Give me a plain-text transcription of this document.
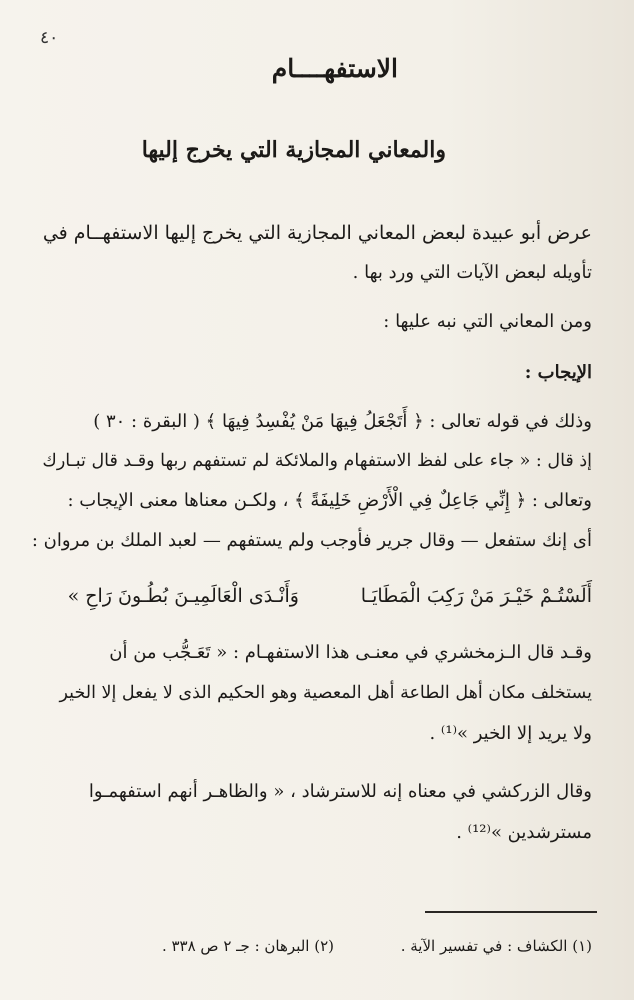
٤٠
الاستفهــــام
والمعاني المجازية التي يخرج إليها
عرض أبو عبيدة لبعض المعاني المجازية التي يخرج إليها الاستفهــام في
تأويله لبعض الآيات التي ورد بها .
ومن المعاني التي نبه عليها :
الإيجاب :
وذلك في قوله تعالى : ﴿ أَتَجْعَلُ فِيهَا مَنْ يُفْسِدُ فِيهَا ﴾ ( البقرة : ٣٠ )
إذ قال : « جاء على لفظ الاستفهام والملائكة لم تستفهم ربها وقـد قال تبـارك
وتعالى : ﴿ إِنِّي جَاعِلٌ فِي الْأَرْضِ خَلِيفَةً ﴾ ، ولكـن معناها معنى الإيجاب :
أى إنك ستفعل — وقال جرير فأوجب ولم يستفهم — لعبد الملك بن مروان :
أَلَسْتُـمْ خَيْـرَ مَنْ رَكِبَ الْمَطَايَـا
وَأَنْـدَى الْعَالَمِيـنَ بُطُـونَ رَاحِ »
وقـد قال الـزمخشري في معنـى هذا الاستفهـام : « تَعَـجُّب من أن
يستخلف مكان أهل الطاعة أهل المعصية وهو الحكيم الذى لا يفعل إلا الخير
ولا يريد إلا الخير »⁽¹⁾ .
وقال الزركشي في معناه إنه للاسترشاد ، « والظاهـر أنهم استفهمـوا
مسترشدين »⁽¹²⁾ .
(١) الكشاف : في تفسير الآية .
(٢) البرهان : جـ ٢ ص ٣٣٨ .
